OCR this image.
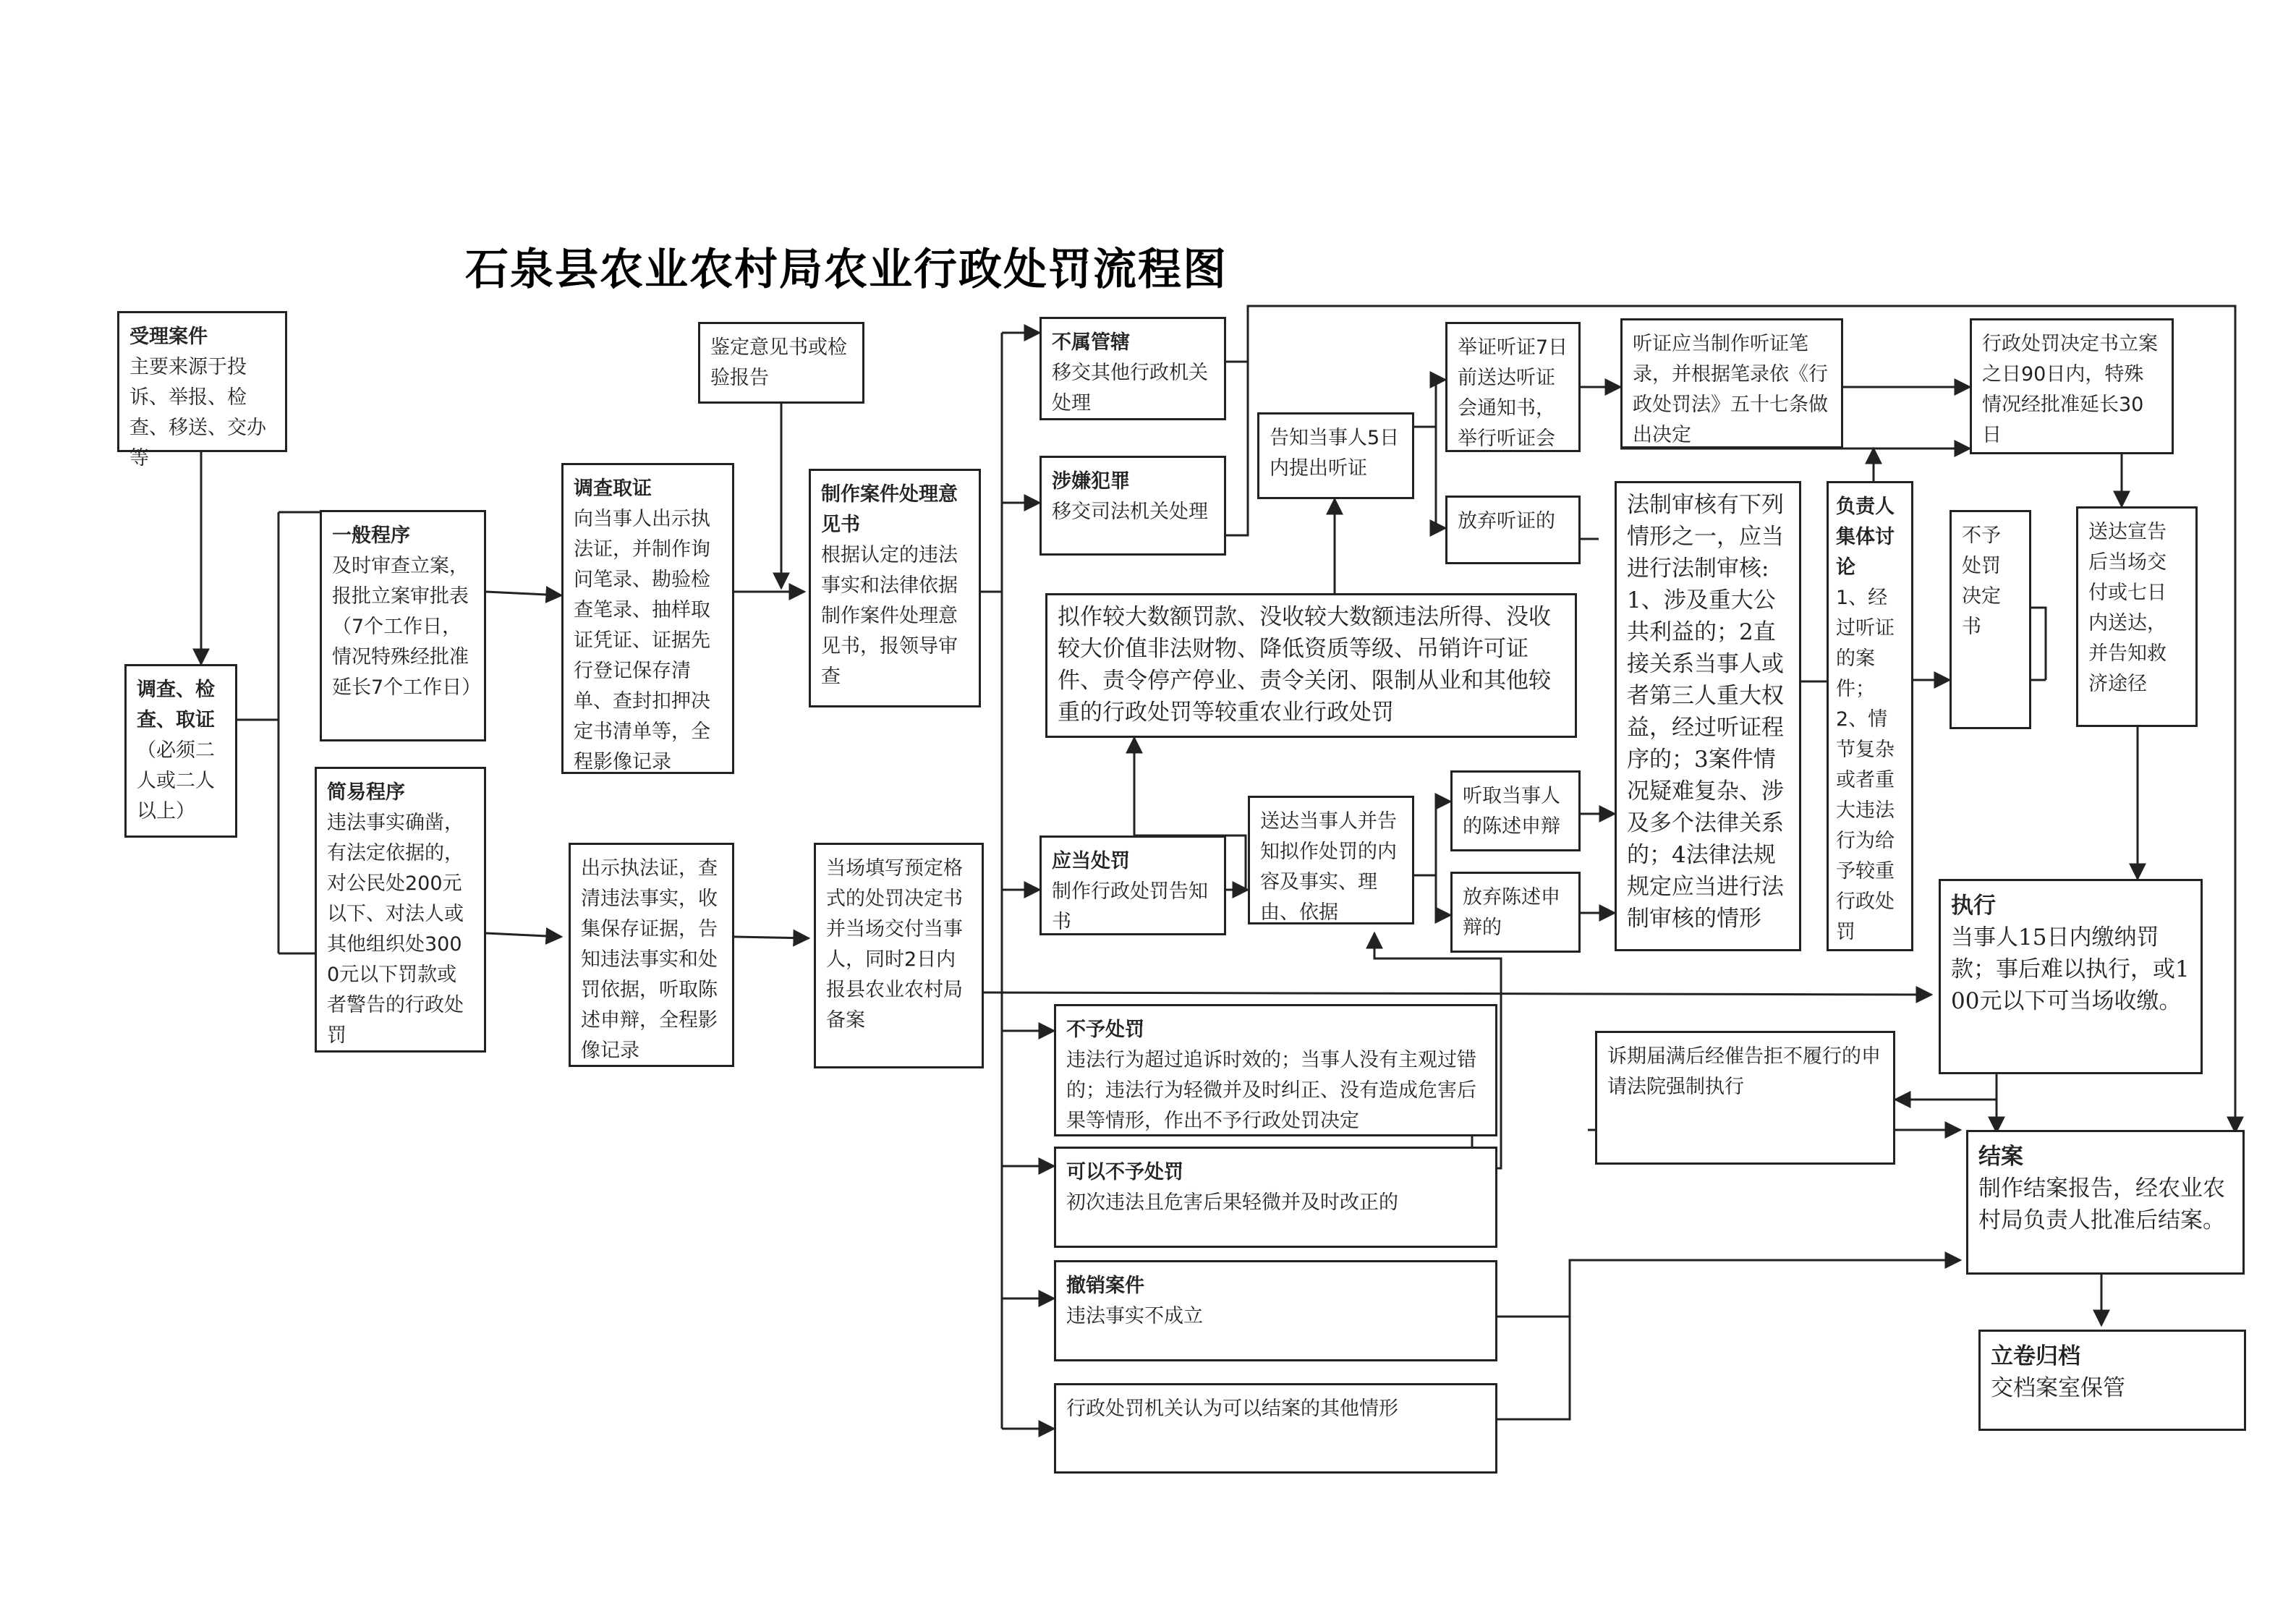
石泉县农业农村局农业行政处罚流程图
受理案件
主要来源于投诉、举报、检查、移送、交办等
调查、检查、取证
（必须二人或二人以上）
一般程序
及时审查立案，报批立案审批表（7个工作日，情况特殊经批准延长7个工作日）
简易程序
违法事实确凿，有法定依据的，对公民处200元以下、对法人或其他组织处3000元以下罚款或者警告的行政处罚
调查取证
向当事人出示执法证，并制作询问笔录、勘验检查笔录、抽样取证凭证、证据先行登记保存清单、查封扣押决定书清单等，全程影像记录
出示执法证，查清违法事实，收集保存证据，告知违法事实和处罚依据，听取陈述申辩，全程影像记录
鉴定意见书或检验报告
制作案件处理意见书
根据认定的违法事实和法律依据制作案件处理意见书，报领导审查
当场填写预定格式的处罚决定书并当场交付当事人，同时2日内报县农业农村局备案
不属管辖
移交其他行政机关处理
涉嫌犯罪
移交司法机关处理
拟作较大数额罚款、没收较大数额违法所得、没收较大价值非法财物、降低资质等级、吊销许可证件、责令停产停业、责令关闭、限制从业和其他较重的行政处罚等较重农业行政处罚
应当处罚
制作行政处罚告知书
告知当事人5日内提出听证
举证听证7日前送达听证会通知书，举行听证会
放弃听证的
听证应当制作听证笔录，并根据笔录依《行政处罚法》五十七条做出决定
法制审核有下列情形之一，应当进行法制审核:1、涉及重大公共利益的；2直接关系当事人或者第三人重大权益，经过听证程序的；3案件情况疑难复杂、涉及多个法律关系的；4法律法规规定应当进行法制审核的情形
负责人集体讨论
1、经过听证的案件；2、情节复杂或者重大违法行为给予较重行政处罚
送达当事人并告知拟作处罚的内容及事实、理由、依据
听取当事人的陈述申辩
放弃陈述申辩的
行政处罚决定书立案之日90日内，特殊情况经批准延长30日
不予处罚决定书
送达宣告后当场交付或七日内送达，并告知救济途径
执行
当事人15日内缴纳罚款；事后难以执行，或100元以下可当场收缴。
诉期届满后经催告拒不履行的申请法院强制执行
结案
制作结案报告，经农业农村局负责人批准后结案。
立卷归档
交档案室保管
不予处罚
违法行为超过追诉时效的；当事人没有主观过错的；违法行为轻微并及时纠正、没有造成危害后果等情形，作出不予行政处罚决定
可以不予处罚
初次违法且危害后果轻微并及时改正的
撤销案件
违法事实不成立
行政处罚机关认为可以结案的其他情形
